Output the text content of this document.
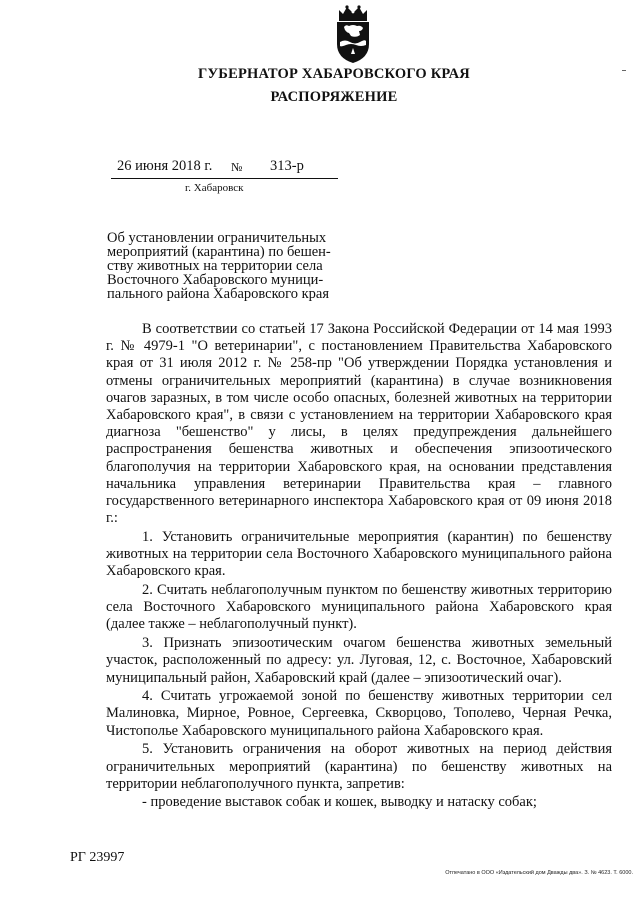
ГУБЕРНАТОР ХАБАРОВСКОГО КРАЯ
РАСПОРЯЖЕНИЕ
26 июня 2018 г. № 313-р
г. Хабаровск
Об установлении ограничительных
мероприятий (карантина) по бешен-
ству животных на территории села
Восточного Хабаровского муници-
пального района Хабаровского края

В соответствии со статьей 17 Закона Российской Федерации от 14 мая 1993 г. № 4979-1 "О ветеринарии", с постановлением Правительства Хабаровского края от 31 июля 2012 г. № 258-пр "Об утверждении Порядка установления и отмены ограничительных мероприятий (карантина) в случае возникновения очагов заразных, в том числе особо опасных, болезней животных на территории Хабаровского края", в связи с установлением на территории Хабаровского края диагноза "бешенство" у лисы, в целях предупреждения дальнейшего распространения бешенства животных и обеспечения эпизоотического благополучия на территории Хабаровского края, на основании представления начальника управления ветеринарии Правительства края – главного государственного ветеринарного инспектора Хабаровского края от 09 июня 2018 г.:

1. Установить ограничительные мероприятия (карантин) по бешенству животных на территории села Восточного Хабаровского муниципального района Хабаровского края.

2. Считать неблагополучным пунктом по бешенству животных территорию села Восточного Хабаровского муниципального района Хабаровского края (далее также – неблагополучный пункт).

3. Признать эпизоотическим очагом бешенства животных земельный участок, расположенный по адресу: ул. Луговая, 12, с. Восточное, Хабаровский муниципальный район, Хабаровский край (далее – эпизоотический очаг).

4. Считать угрожаемой зоной по бешенству животных территории сел Малиновка, Мирное, Ровное, Сергеевка, Скворцово, Тополево, Черная Речка, Чистополье Хабаровского муниципального района Хабаровского края.

5. Установить ограничения на оборот животных на период действия ограничительных мероприятий (карантина) по бешенству животных на территории неблагополучного пункта, запретив:

- проведение выставок собак и кошек, выводку и натаску собак;

РГ 23997
Отпечатано в ООО «Издательский дом Дважды два». З. № 4623. Т. 6000.
